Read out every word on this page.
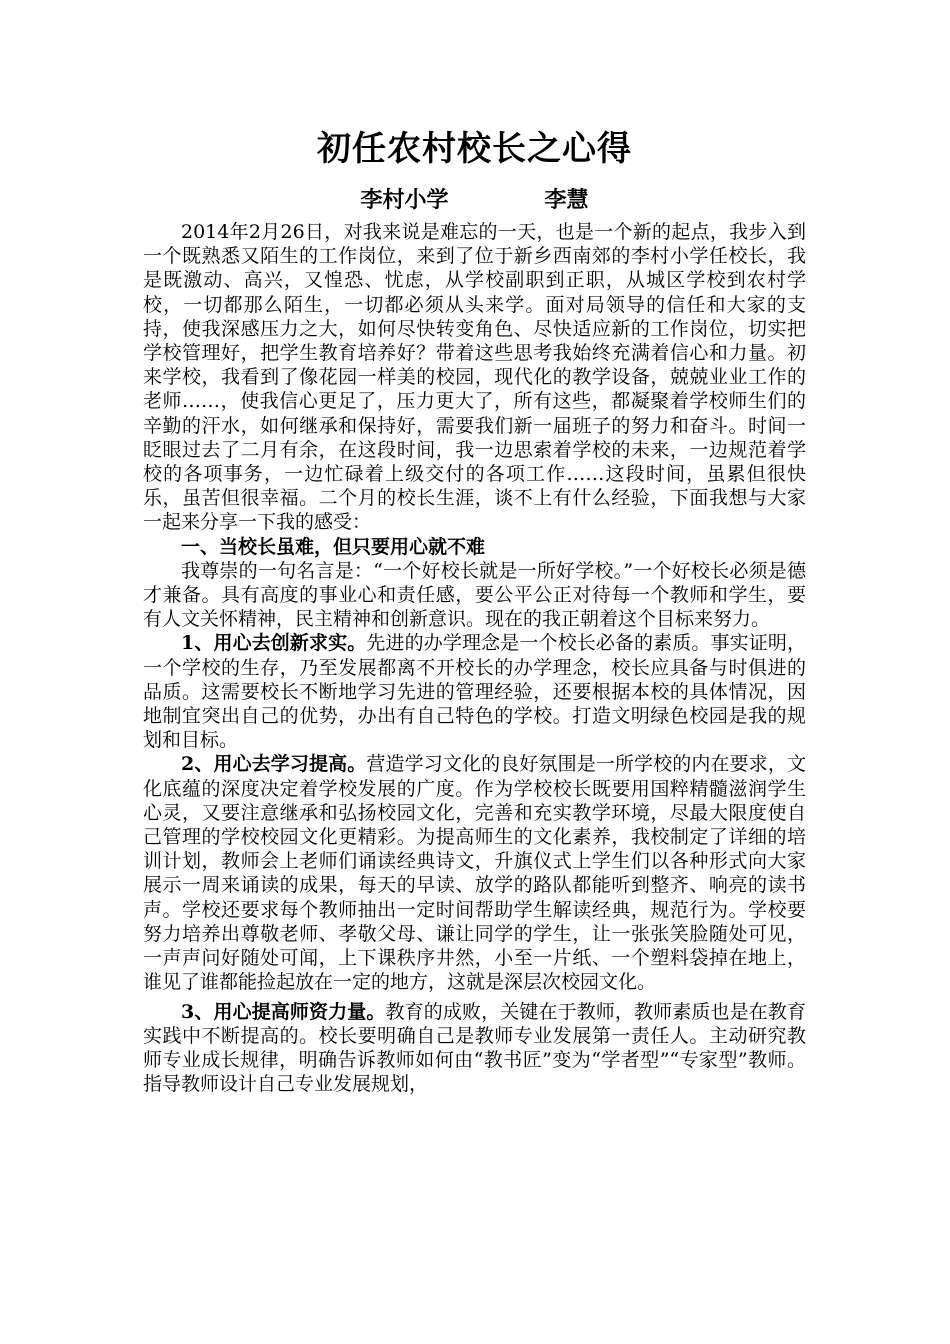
初任农村校长之心得
李村小学	李慧

2014年2月26日，对我来说是难忘的一天，也是一个新的起点，我步入到一个既熟悉又陌生的工作岗位，来到了位于新乡西南郊的李村小学任校长，我是既激动、高兴，又惶恐、忧虑，从学校副职到正职，从城区学校到农村学校，一切都那么陌生，一切都必须从头来学。面对局领导的信任和大家的支持，使我深感压力之大，如何尽快转变角色、尽快适应新的工作岗位，切实把学校管理好，把学生教育培养好？带着这些思考我始终充满着信心和力量。初来学校，我看到了像花园一样美的校园，现代化的教学设备，兢兢业业工作的老师……，使我信心更足了，压力更大了，所有这些，都凝聚着学校师生们的辛勤的汗水，如何继承和保持好，需要我们新一届班子的努力和奋斗。时间一眨眼过去了二月有余，在这段时间，我一边思索着学校的未来，一边规范着学校的各项事务，一边忙碌着上级交付的各项工作……这段时间，虽累但很快乐，虽苦但很幸福。二个月的校长生涯，谈不上有什么经验，下面我想与大家一起来分享一下我的感受：

一、当校长虽难，但只要用心就不难

我尊崇的一句名言是：“一个好校长就是一所好学校。”一个好校长必须是德才兼备。具有高度的事业心和责任感，要公平公正对待每一个教师和学生，要有人文关怀精神，民主精神和创新意识。现在的我正朝着这个目标来努力。

1、用心去创新求实。先进的办学理念是一个校长必备的素质。事实证明，一个学校的生存，乃至发展都离不开校长的办学理念，校长应具备与时俱进的品质。这需要校长不断地学习先进的管理经验，还要根据本校的具体情况，因地制宜突出自己的优势，办出有自己特色的学校。打造文明绿色校园是我的规划和目标。

2、用心去学习提高。营造学习文化的良好氛围是一所学校的内在要求，文化底蕴的深度决定着学校发展的广度。作为学校校长既要用国粹精髓滋润学生心灵，又要注意继承和弘扬校园文化，完善和充实教学环境，尽最大限度使自己管理的学校校园文化更精彩。为提高师生的文化素养，我校制定了详细的培训计划，教师会上老师们诵读经典诗文，升旗仪式上学生们以各种形式向大家展示一周来诵读的成果，每天的早读、放学的路队都能听到整齐、响亮的读书声。学校还要求每个教师抽出一定时间帮助学生解读经典，规范行为。学校要努力培养出尊敬老师、孝敬父母、谦让同学的学生，让一张张笑脸随处可见，一声声问好随处可闻，上下课秩序井然，小至一片纸、一个塑料袋掉在地上，谁见了谁都能捡起放在一定的地方，这就是深层次校园文化。

3、用心提高师资力量。教育的成败，关键在于教师，教师素质也是在教育实践中不断提高的。校长要明确自己是教师专业发展第一责任人。主动研究教师专业成长规律，明确告诉教师如何由“教书匠”变为“学者型”“专家型”教师。指导教师设计自己专业发展规划，
